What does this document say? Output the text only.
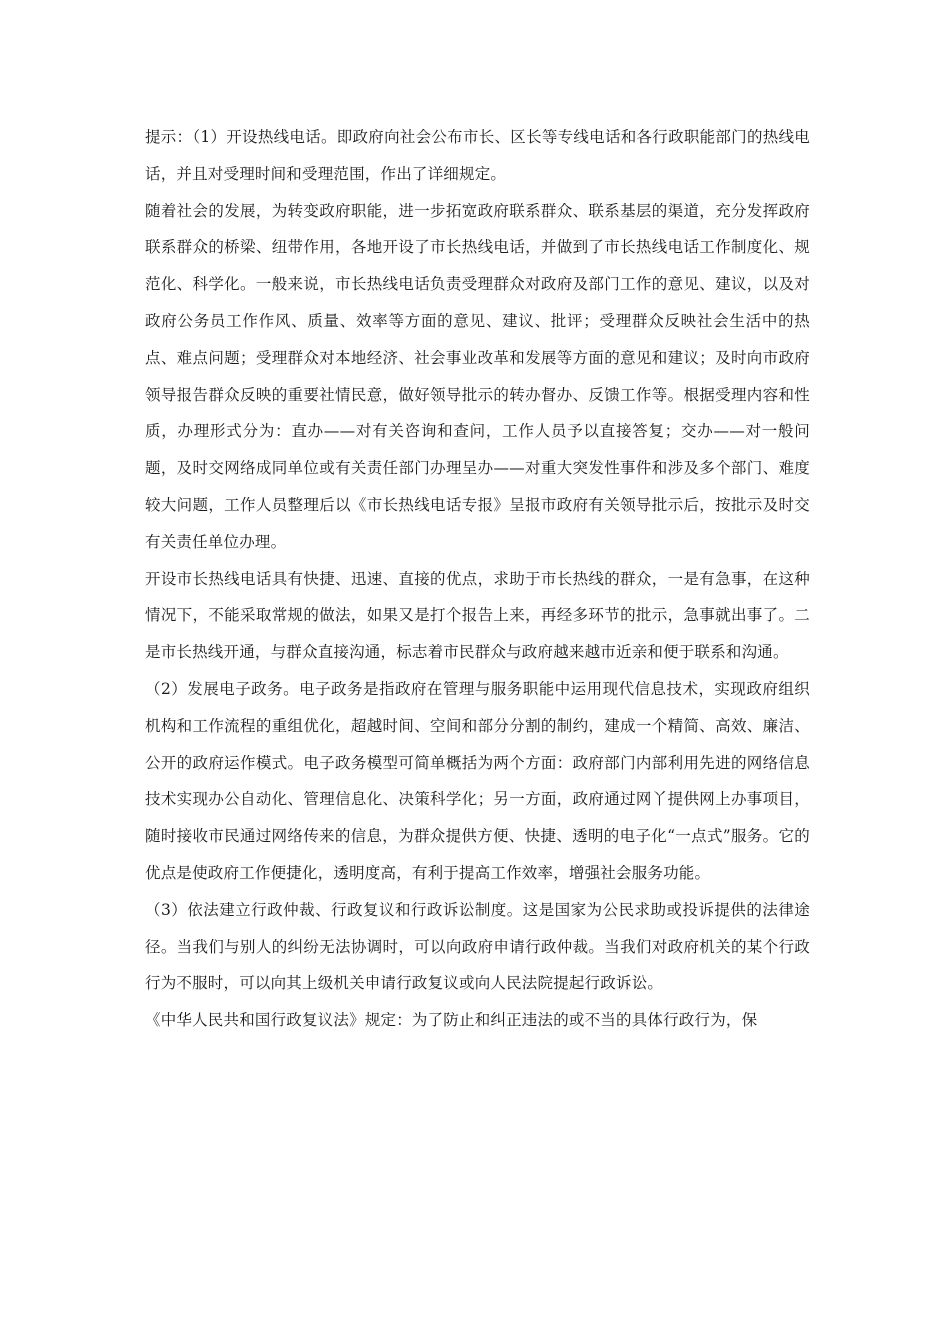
提示：（1）开设热线电话。即政府向社会公布市长、区长等专线电话和各行政职能部门的热线电话，并且对受理时间和受理范围，作出了详细规定。

随着社会的发展，为转变政府职能，进一步拓宽政府联系群众、联系基层的渠道，充分发挥政府联系群众的桥梁、纽带作用，各地开设了市长热线电话，并做到了市长热线电话工作制度化、规范化、科学化。一般来说，市长热线电话负责受理群众对政府及部门工作的意见、建议，以及对政府公务员工作作风、质量、效率等方面的意见、建议、批评；受理群众反映社会生活中的热点、难点问题；受理群众对本地经济、社会事业改革和发展等方面的意见和建议；及时向市政府领导报告群众反映的重要社情民意，做好领导批示的转办督办、反馈工作等。根据受理内容和性质，办理形式分为：直办——对有关咨询和查问，工作人员予以直接答复；交办——对一般问题，及时交网络成同单位或有关责任部门办理呈办——对重大突发性事件和涉及多个部门、难度较大问题，工作人员整理后以《市长热线电话专报》呈报市政府有关领导批示后，按批示及时交有关责任单位办理。

开设市长热线电话具有快捷、迅速、直接的优点，求助于市长热线的群众，一是有急事，在这种情况下，不能采取常规的做法，如果又是打个报告上来，再经多环节的批示，急事就出事了。二是市长热线开通，与群众直接沟通，标志着市民群众与政府越来越巿近亲和便于联系和沟通。

（2）发展电子政务。电子政务是指政府在管理与服务职能中运用现代信息技术，实现政府组织机构和工作流程的重组优化，超越时间、空间和部分分割的制约，建成一个精简、高效、廉洁、公开的政府运作模式。电子政务模型可简单概括为两个方面：政府部门内部利用先进的网络信息技术实现办公自动化、管理信息化、决策科学化；另一方面，政府通过网丫提供网上办事项目，随时接收市民通过网络传来的信息，为群众提供方便、快捷、透明的电子化“一点式”服务。它的优点是使政府工作便捷化，透明度高，有利于提高工作效率，增强社会服务功能。

（3）依法建立行政仲裁、行政复议和行政诉讼制度。这是国家为公民求助或投诉提供的法律途径。当我们与别人的纠纷无法协调时，可以向政府申请行政仲裁。当我们对政府机关的某个行政行为不服时，可以向其上级机关申请行政复议或向人民法院提起行政诉讼。

《中华人民共和国行政复议法》规定：为了防止和纠正违法的或不当的具体行政行为，保
